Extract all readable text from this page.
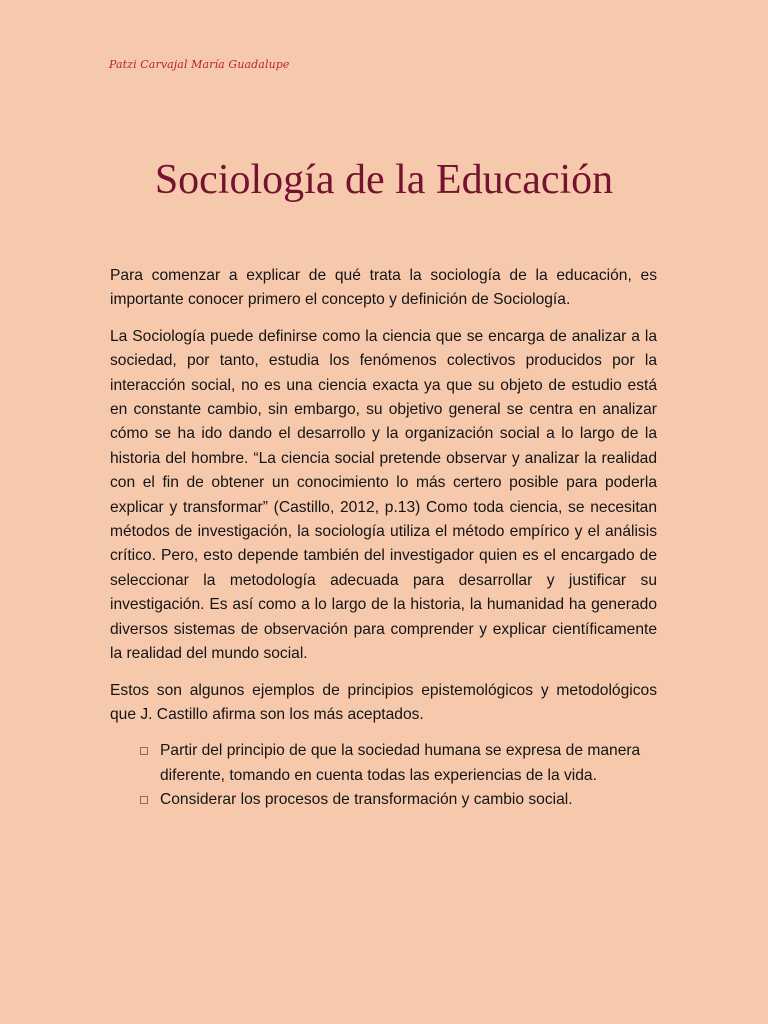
Patzi Carvajal María Guadalupe
Sociología de la Educación

Para comenzar a explicar de qué trata la sociología de la educación, es importante conocer primero el concepto y definición de Sociología.

La Sociología puede definirse como la ciencia que se encarga de analizar a la sociedad, por tanto, estudia los fenómenos colectivos producidos por la interacción social, no es una ciencia exacta ya que su objeto de estudio está en constante cambio, sin embargo, su objetivo general se centra en analizar cómo se ha ido dando el desarrollo y la organización social a lo largo de la historia del hombre. “La ciencia social pretende observar y analizar la realidad con el fin de obtener un conocimiento lo más certero posible para poderla explicar y transformar” (Castillo, 2012, p.13) Como toda ciencia, se necesitan métodos de investigación, la sociología utiliza el método empírico y el análisis crítico. Pero, esto depende también del investigador quien es el encargado de seleccionar la metodología adecuada para desarrollar y justificar su investigación. Es así como a lo largo de la historia, la humanidad ha generado diversos sistemas de observación para comprender y explicar científicamente la realidad del mundo social.

Estos son algunos ejemplos de principios epistemológicos y metodológicos que J. Castillo afirma son los más aceptados.

Partir del principio de que la sociedad humana se expresa de manera diferente, tomando en cuenta todas las experiencias de la vida.
Considerar los procesos de transformación y cambio social.
